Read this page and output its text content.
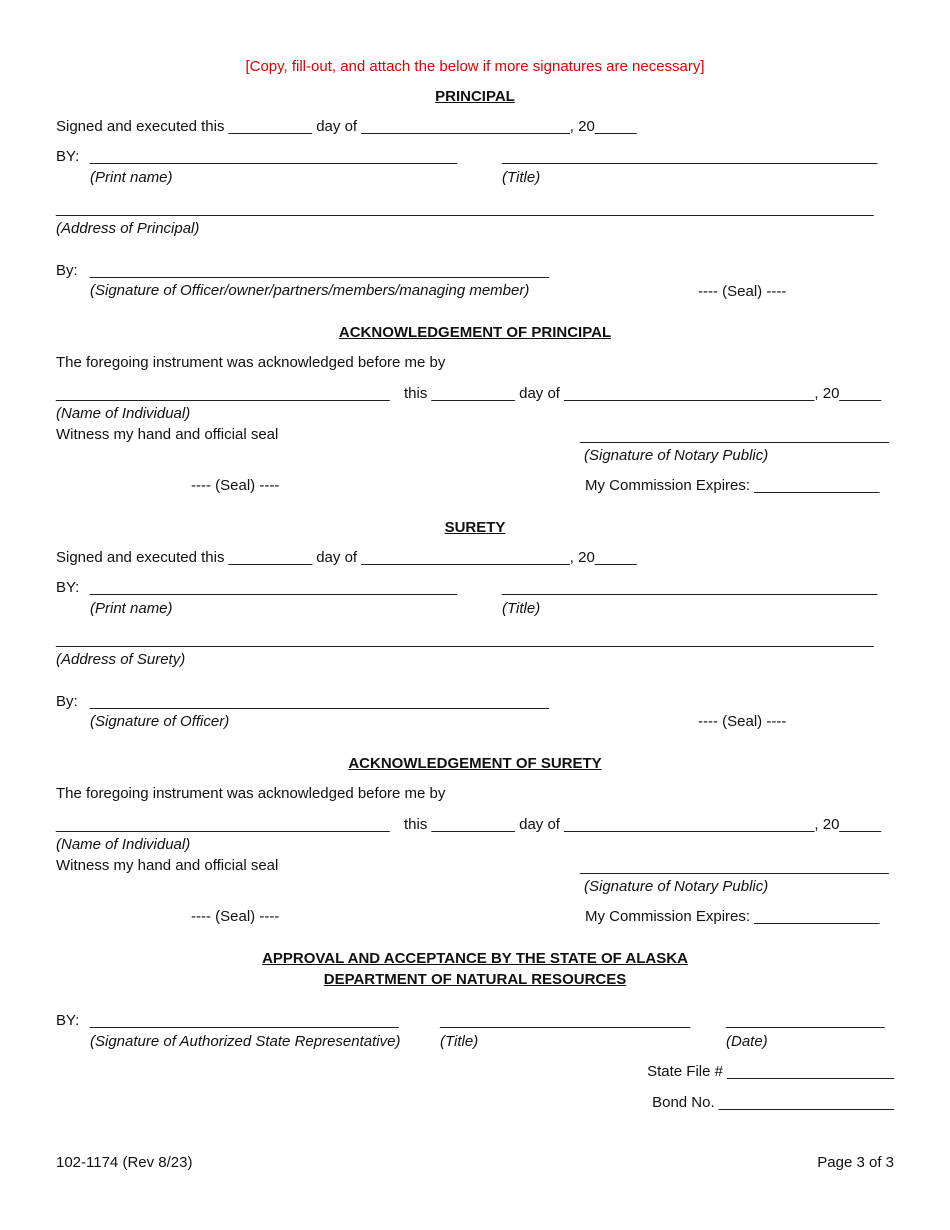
[Copy, fill-out, and attach the below if more signatures are necessary]
PRINCIPAL
Signed and executed this __________ day of _________________________, 20_____
BY: ____________________________________________	_____________________________________________
(Print name)	(Title)
__________________________________________________________________________________________________
(Address of Principal)
By: _______________________________________________________
(Signature of Officer/owner/partners/members/managing member)	---- (Seal) ----
ACKNOWLEDGEMENT OF PRINCIPAL
The foregoing instrument was acknowledged before me by
________________________________________ this __________ day of ______________________________, 20_____
(Name of Individual)
Witness my hand and official seal	_____________________________________
(Signature of Notary Public)
---- (Seal) ----	My Commission Expires: _______________
SURETY
Signed and executed this __________ day of _________________________, 20_____
BY: ____________________________________________	_____________________________________________
(Print name)	(Title)
__________________________________________________________________________________________________
(Address of Surety)
By: _______________________________________________________
(Signature of Officer)	---- (Seal) ----
ACKNOWLEDGEMENT OF SURETY
The foregoing instrument was acknowledged before me by
________________________________________ this __________ day of ______________________________, 20_____
(Name of Individual)
Witness my hand and official seal	_____________________________________
(Signature of Notary Public)
---- (Seal) ----	My Commission Expires: _______________
APPROVAL AND ACCEPTANCE BY THE STATE OF ALASKA
DEPARTMENT OF NATURAL RESOURCES
BY: _____________________________________	______________________________ ___________________
(Signature of Authorized State Representative)	(Title)	(Date)
State File # ____________________
Bond No. _____________________
102-1174 (Rev 8/23)	Page 3 of 3
